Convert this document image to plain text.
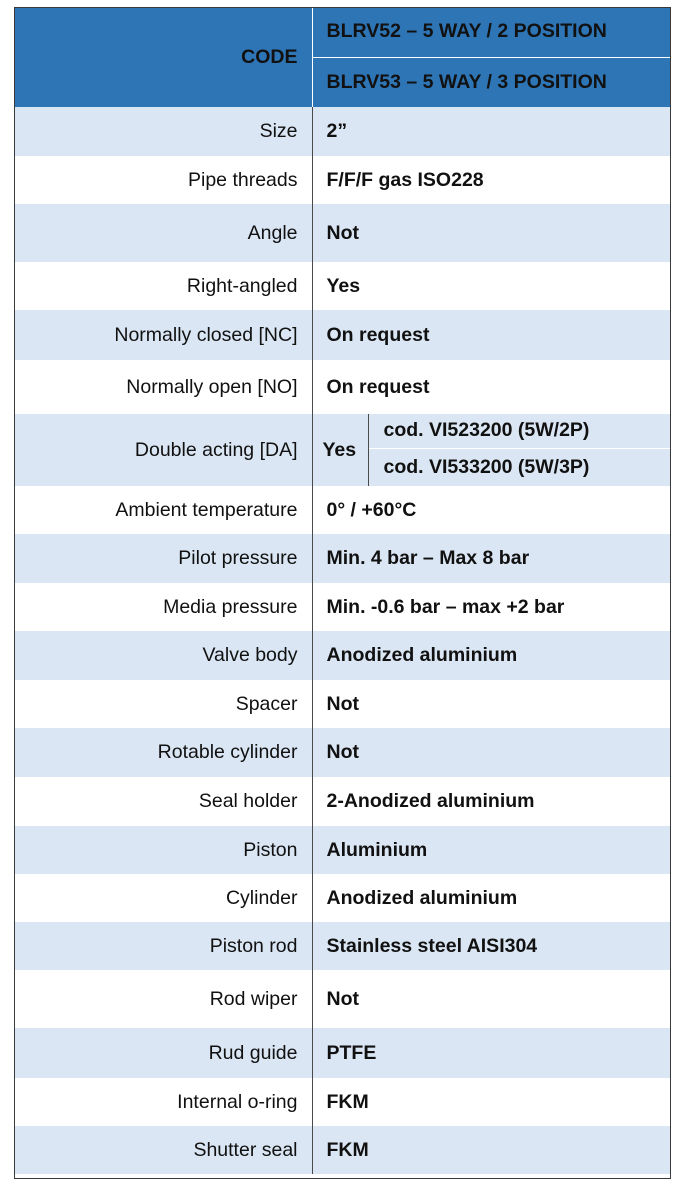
CODE	BLRV52 – 5 WAY / 2 POSITION	
	BLRV53 – 5 WAY / 3 POSITION	
Size	2”	
Pipe threads	F/F/F gas ISO228	
Angle	Not	
Right-angled	Yes	
Normally closed [NC]	On request	
Normally open [NO]	On request	
Double acting [DA]	Yes	cod. VI523200 (5W/2P)
		cod. VI533200 (5W/3P)
Ambient temperature	0° / +60°C	
Pilot pressure	Min. 4 bar – Max 8 bar	
Media pressure	Min. -0.6 bar – max +2 bar	
Valve body	Anodized aluminium	
Spacer	Not	
Rotable cylinder	Not	
Seal holder	2-Anodized aluminium	
Piston	Aluminium	
Cylinder	Anodized aluminium	
Piston rod	Stainless steel AISI304	
Rod wiper	Not	
Rud guide	PTFE	
Internal o-ring	FKM	
Shutter seal	FKM	
